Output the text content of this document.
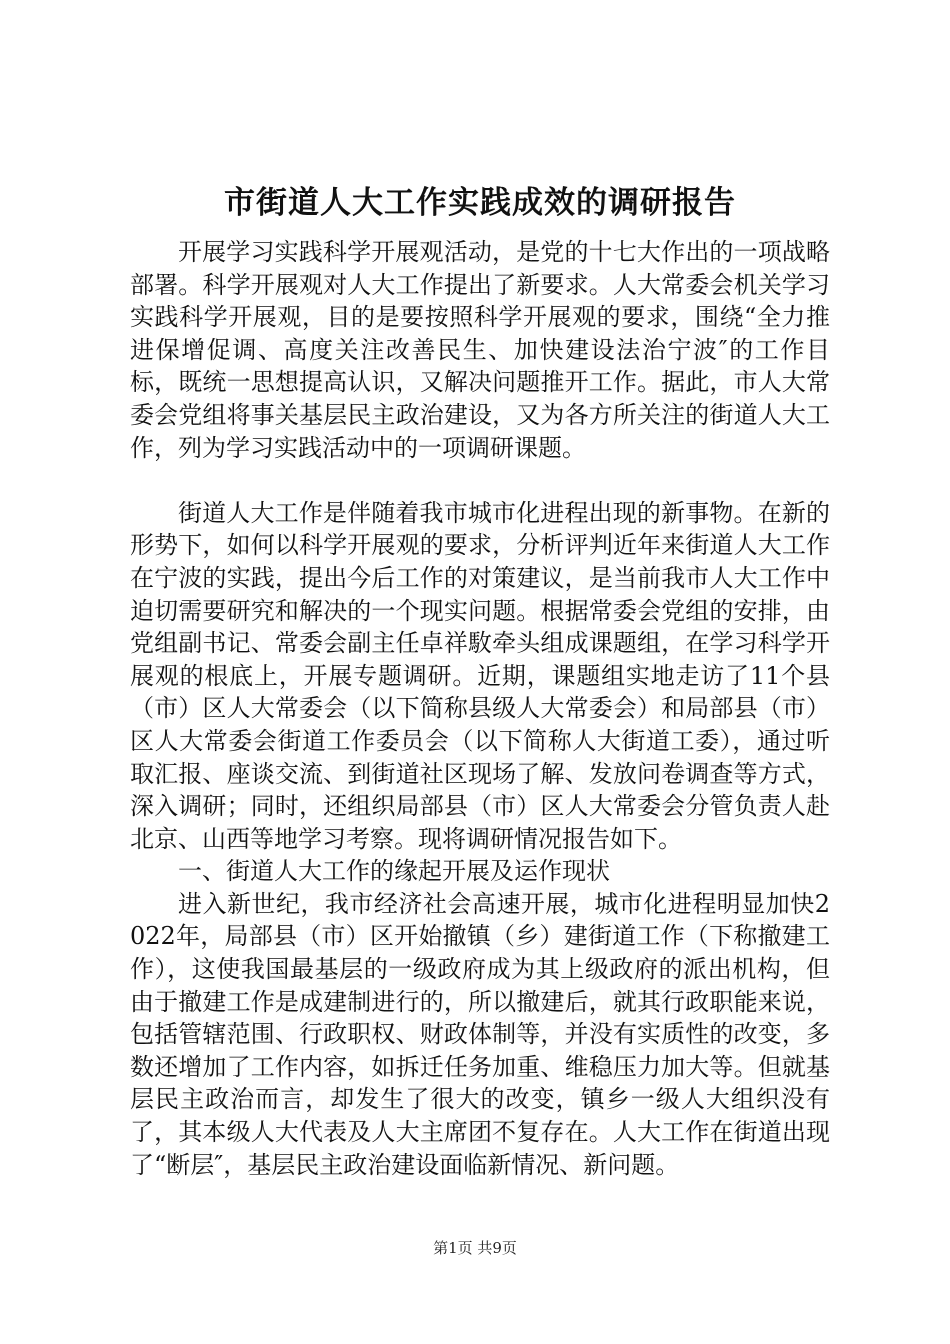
市街道人大工作实践成效的调研报告

开展学习实践科学开展观活动，是党的十七大作出的一项战略部署。科学开展观对人大工作提出了新要求。人大常委会机关学习实践科学开展观，目的是要按照科学开展观的要求，围绕“全力推进保增促调、高度关注改善民生、加快建设法治宁波″的工作目标，既统一思想提高认识，又解决问题推开工作。据此，市人大常委会党组将事关基层民主政治建设，又为各方所关注的街道人大工作，列为学习实践活动中的一项调研课题。

街道人大工作是伴随着我市城市化进程出现的新事物。在新的形势下，如何以科学开展观的要求，分析评判近年来街道人大工作在宁波的实践，提出今后工作的对策建议，是当前我市人大工作中迫切需要研究和解决的一个现实问题。根据常委会党组的安排，由党组副书记、常委会副主任卓祥駇牵头组成课题组，在学习科学开展观的根底上，开展专题调研。近期，课题组实地走访了11个县（市）区人大常委会（以下简称县级人大常委会）和局部县（市）区人大常委会街道工作委员会（以下简称人大街道工委），通过听取汇报、座谈交流、到街道社区现场了解、发放问卷调查等方式，深入调研；同时，还组织局部县（市）区人大常委会分管负责人赴北京、山西等地学习考察。现将调研情况报告如下。

一、街道人大工作的缘起开展及运作现状

进入新世纪，我市经济社会高速开展，城市化进程明显加快2022年，局部县（市）区开始撤镇（乡）建街道工作（下称撤建工作），这使我国最基层的一级政府成为其上级政府的派出机构，但由于撤建工作是成建制进行的，所以撤建后，就其行政职能来说，包括管辖范围、行政职权、财政体制等，并没有实质性的改变，多数还增加了工作内容，如拆迁任务加重、维稳压力加大等。但就基层民主政治而言，却发生了很大的改变，镇乡一级人大组织没有了，其本级人大代表及人大主席团不复存在。人大工作在街道出现了“断层″，基层民主政治建设面临新情况、新问题。

第1页 共9页
